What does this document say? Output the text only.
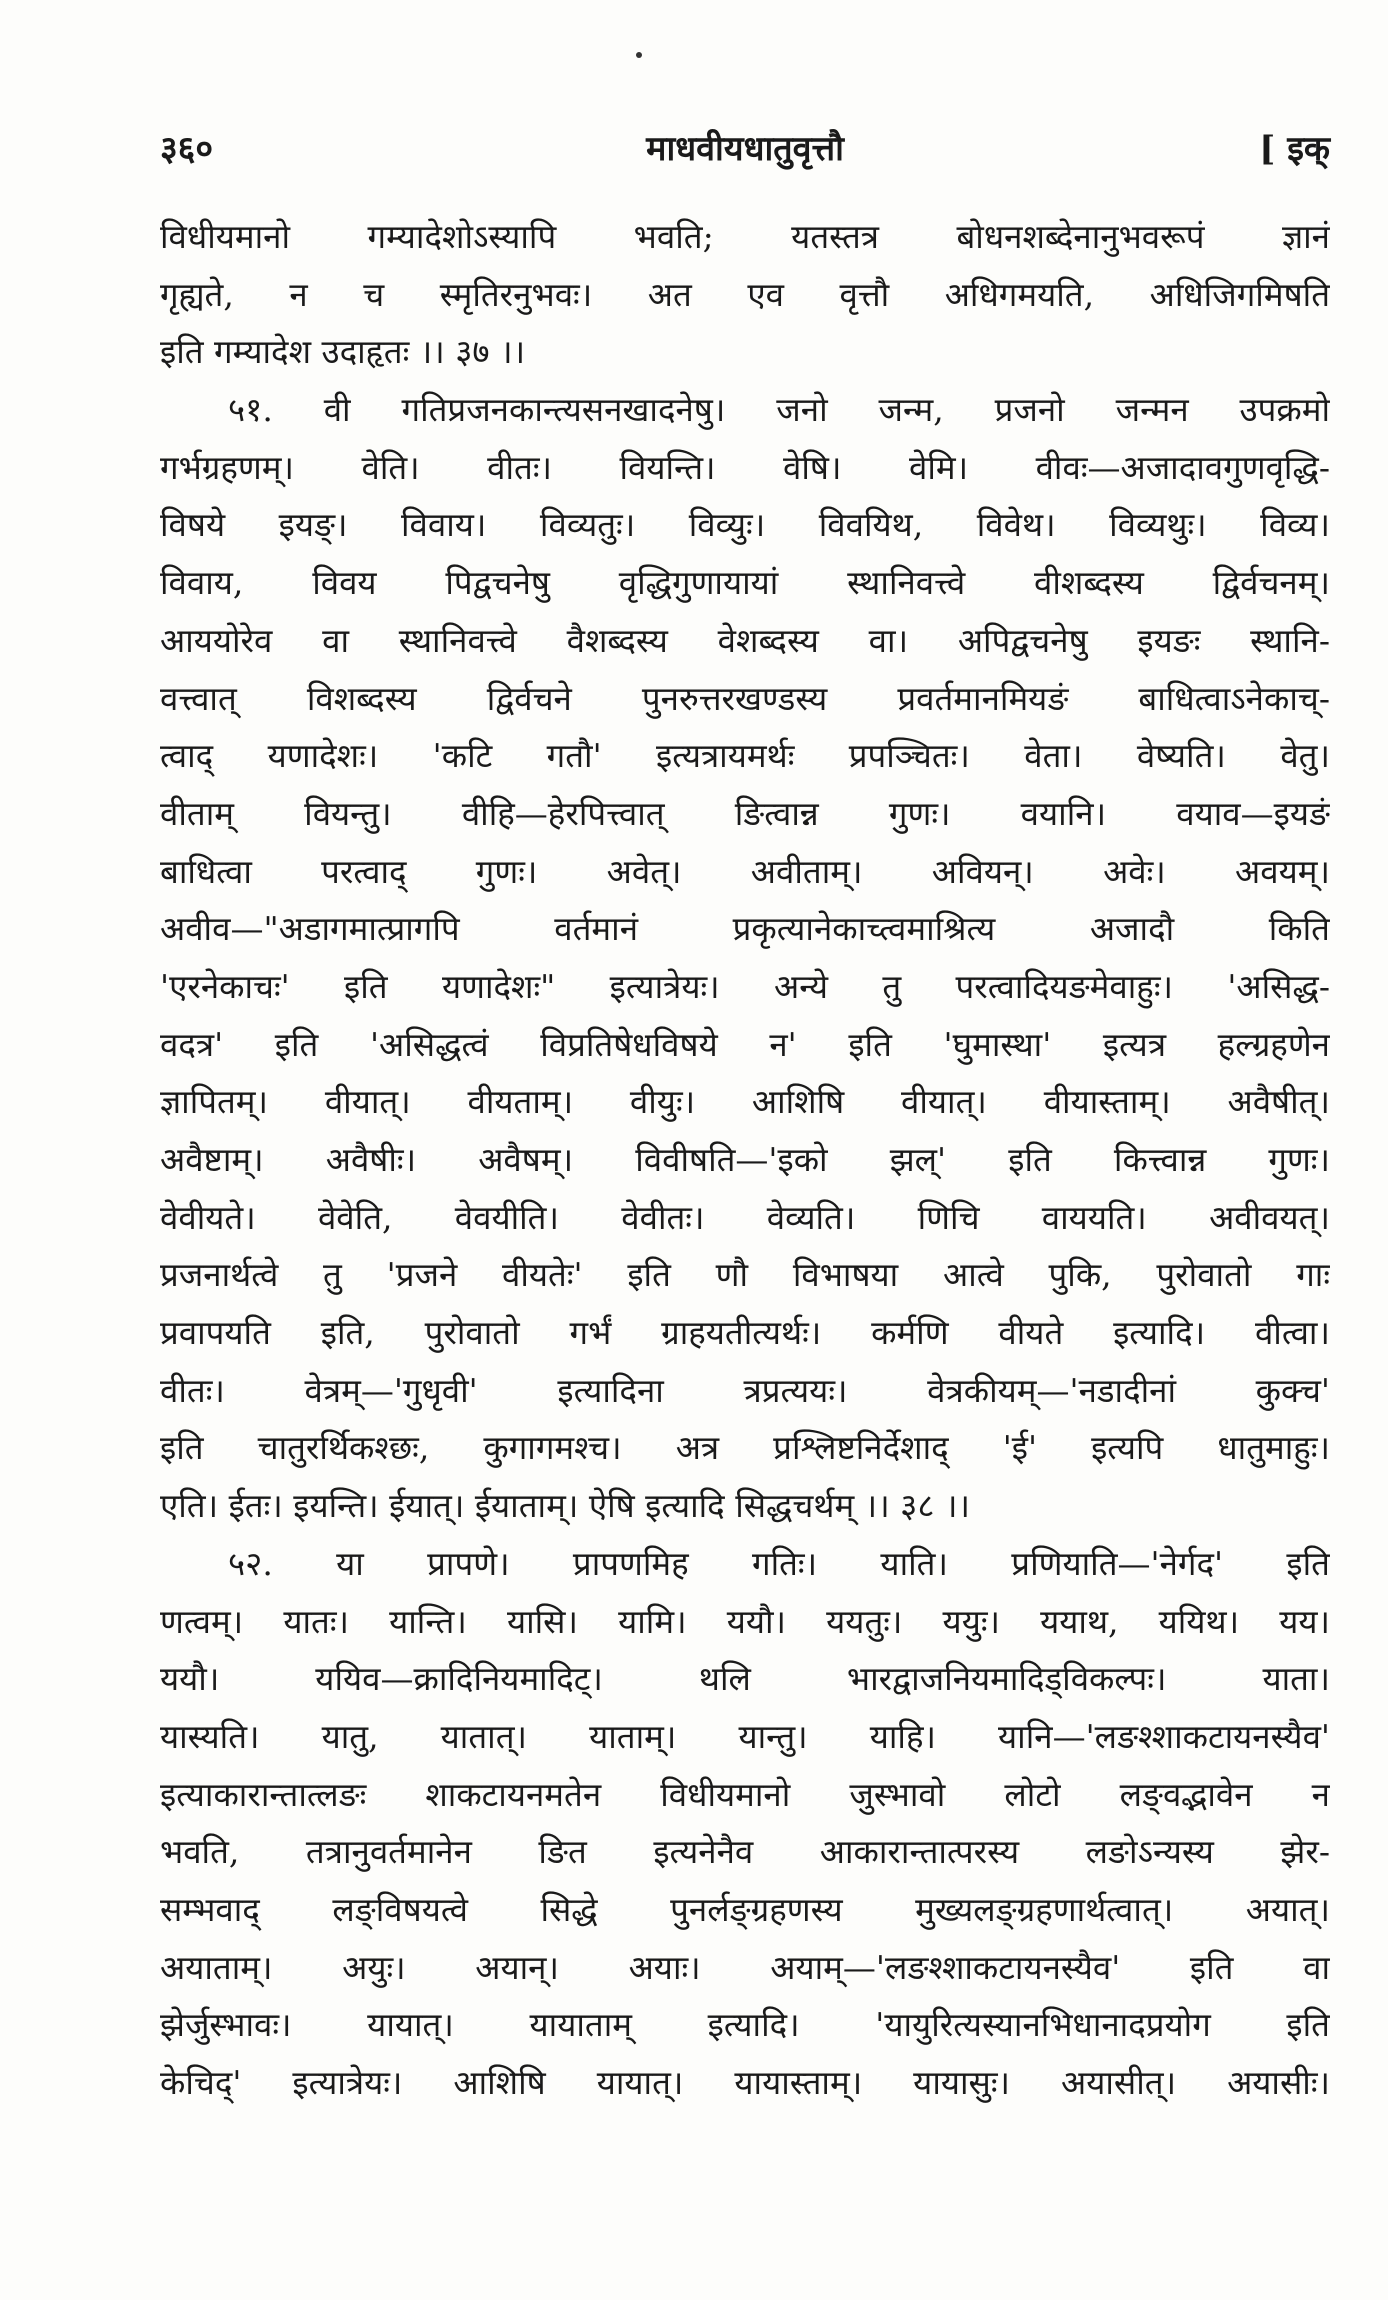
३६०	माधवीयधातुवृत्तौ	[ इक्
विधीयमानो गम्यादेशोऽस्यापि भवति; यतस्तत्र बोधनशब्देनानुभवरूपं ज्ञानं
गृह्यते, न च स्मृतिरनुभवः। अत एव वृत्तौ अधिगमयति, अधिजिगमिषति
इति गम्यादेश उदाहृतः ।। ३७ ।।
५१. वी गतिप्रजनकान्त्यसनखादनेषु। जनो जन्म, प्रजनो जन्मन उपक्रमो
गर्भग्रहणम्। वेति। वीतः। वियन्ति। वेषि। वेमि। वीवः—अजादावगुणवृद्धि-
विषये इयङ्। विवाय। विव्यतुः। विव्युः। विवयिथ, विवेथ। विव्यथुः। विव्य।
विवाय, विवय पिद्वचनेषु वृद्धिगुणायायां स्थानिवत्त्वे वीशब्दस्य द्विर्वचनम्।
आययोरेव वा स्थानिवत्त्वे वैशब्दस्य वेशब्दस्य वा। अपिद्वचनेषु इयङः स्थानि-
वत्त्वात् विशब्दस्य द्विर्वचने पुनरुत्तरखण्डस्य प्रवर्तमानमियङं बाधित्वाऽनेकाच्-
त्वाद् यणादेशः। 'कटि गतौ' इत्यत्रायमर्थः प्रपञ्चितः। वेता। वेष्यति। वेतु।
वीताम् वियन्तु। वीहि—हेरपित्त्वात् ङित्वान्न गुणः। वयानि। वयाव—इयङं
बाधित्वा परत्वाद् गुणः। अवेत्। अवीताम्। अवियन्। अवेः। अवयम्।
अवीव—"अडागमात्प्रागपि वर्तमानं प्रकृत्यानेकाच्त्वमाश्रित्य अजादौ किति
'एरनेकाचः' इति यणादेशः" इत्यात्रेयः। अन्ये तु परत्वादियङमेवाहुः। 'असिद्ध-
वदत्र' इति 'असिद्धत्वं विप्रतिषेधविषये न' इति 'घुमास्था' इत्यत्र हल्ग्रहणेन
ज्ञापितम्। वीयात्। वीयताम्। वीयुः। आशिषि वीयात्। वीयास्ताम्। अवैषीत्।
अवैष्टाम्। अवैषीः। अवैषम्। विवीषति—'इको झल्' इति कित्त्वान्न गुणः।
वेवीयते। वेवेति, वेवयीति। वेवीतः। वेव्यति। णिचि वाययति। अवीवयत्।
प्रजनार्थत्वे तु 'प्रजने वीयतेः' इति णौ विभाषया आत्वे पुकि, पुरोवातो गाः
प्रवापयति इति, पुरोवातो गर्भं ग्राहयतीत्यर्थः। कर्मणि वीयते इत्यादि। वीत्वा।
वीतः। वेत्रम्—'गुधृवी' इत्यादिना त्रप्रत्ययः। वेत्रकीयम्—'नडादीनां कुक्च'
इति चातुरर्थिकश्छः, कुगागमश्च। अत्र प्रश्लिष्टनिर्देशाद् 'ई' इत्यपि धातुमाहुः।
एति। ईतः। इयन्ति। ईयात्। ईयाताम्। ऐषि इत्यादि सिद्धचर्थम् ।। ३८ ।।
५२. या प्रापणे। प्रापणमिह गतिः। याति। प्रणियाति—'नेर्गद' इति
णत्वम्। यातः। यान्ति। यासि। यामि। ययौ। ययतुः। ययुः। ययाथ, ययिथ। यय।
ययौ। ययिव—क्रादिनियमादिट्। थलि भारद्वाजनियमादिड्विकल्पः। याता।
यास्यति। यातु, यातात्। याताम्। यान्तु। याहि। यानि—'लङश्शाकटायनस्यैव'
इत्याकारान्तात्लङः शाकटायनमतेन विधीयमानो जुस्भावो लोटो लङ्वद्भावेन न
भवति, तत्रानुवर्तमानेन ङित इत्यनेनैव आकारान्तात्परस्य लङोऽन्यस्य झेर-
सम्भवाद् लङ्विषयत्वे सिद्धे पुनर्लङ्ग्रहणस्य मुख्यलङ्ग्रहणार्थत्वात्। अयात्।
अयाताम्। अयुः। अयान्। अयाः। अयाम्—'लङश्शाकटायनस्यैव' इति वा
झेर्जुस्भावः। यायात्। यायाताम् इत्यादि। 'यायुरित्यस्यानभिधानादप्रयोग इति
केचिद्' इत्यात्रेयः। आशिषि यायात्। यायास्ताम्। यायासुः। अयासीत्। अयासीः।
